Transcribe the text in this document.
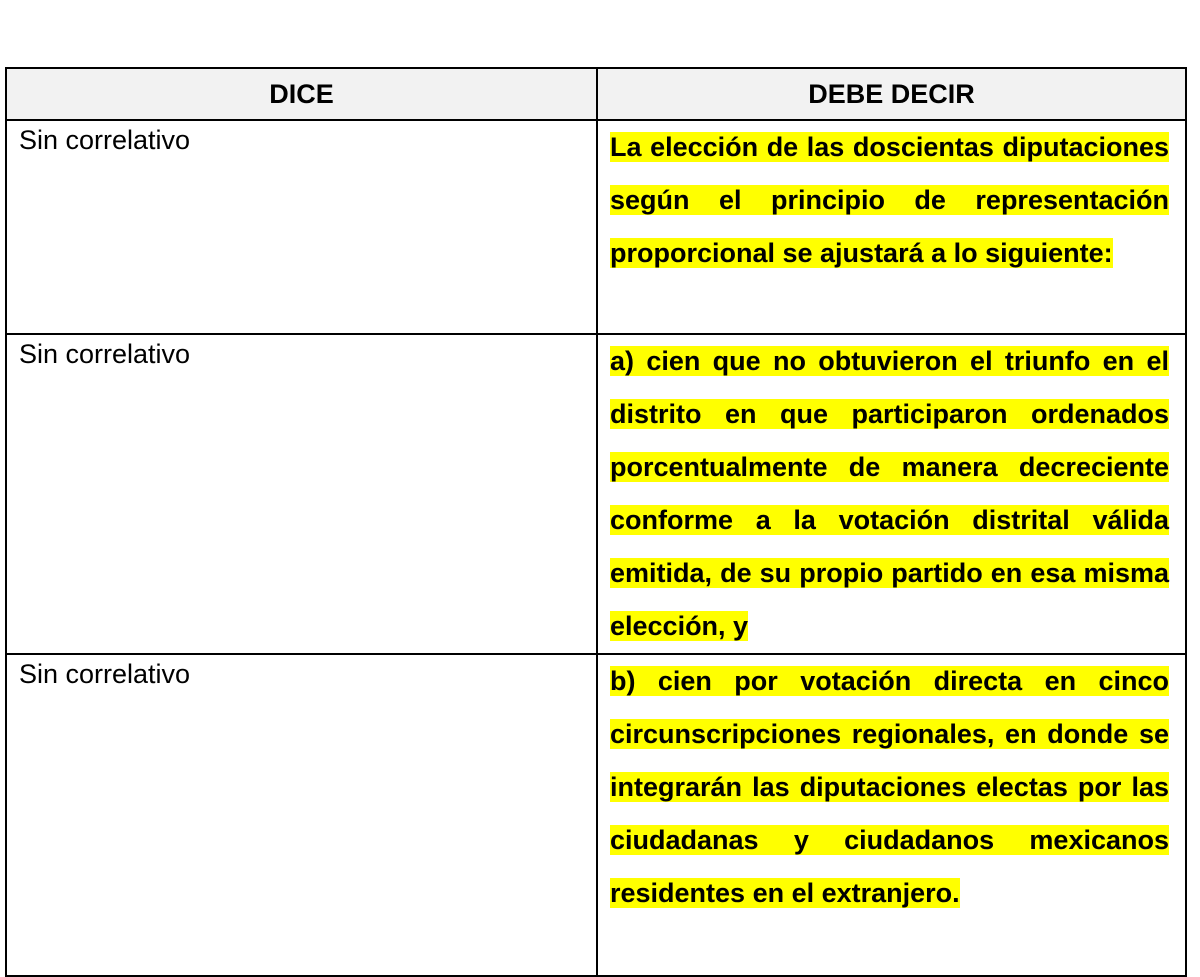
DICE	DEBE DECIR

Sin correlativo	La elección de las doscientas diputaciones según el principio de representación proporcional se ajustará a lo siguiente:

Sin correlativo	a) cien que no obtuvieron el triunfo en el distrito en que participaron ordenados porcentualmente de manera decreciente conforme a la votación distrital válida emitida, de su propio partido en esa misma elección, y

Sin correlativo	b) cien por votación directa en cinco circunscripciones regionales, en donde se integrarán las diputaciones electas por las ciudadanas y ciudadanos mexicanos residentes en el extranjero.
